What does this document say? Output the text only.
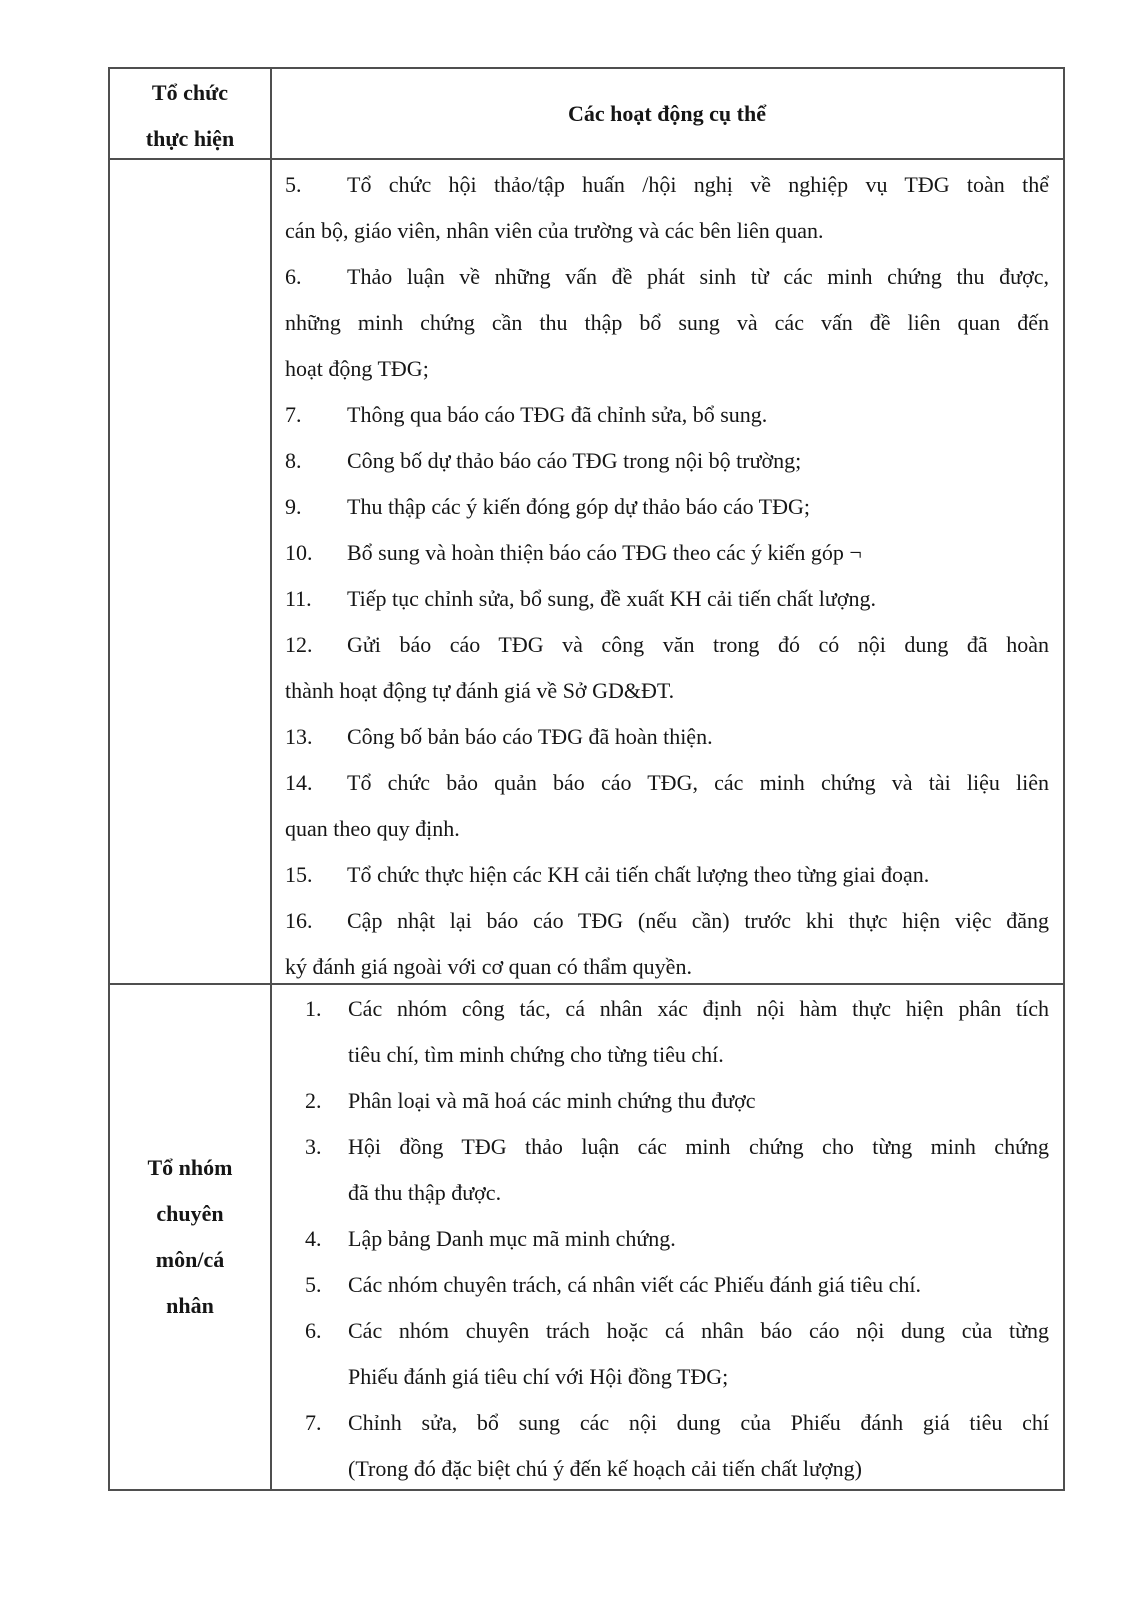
Tổ chức
thực hiện
Các hoạt động cụ thể
5. Tổ chức hội thảo/tập huấn /hội nghị về nghiệp vụ TĐG toàn thể
cán bộ, giáo viên, nhân viên của trường và các bên liên quan.
6. Thảo luận về những vấn đề phát sinh từ các minh chứng thu được,
những minh chứng cần thu thập bổ sung và các vấn đề liên quan đến
hoạt động TĐG;
7. Thông qua báo cáo TĐG đã chỉnh sửa, bổ sung.
8. Công bố dự thảo báo cáo TĐG trong nội bộ trường;
9. Thu thập các ý kiến đóng góp dự thảo báo cáo TĐG;
10. Bổ sung và hoàn thiện báo cáo TĐG theo các ý kiến góp ¬
11. Tiếp tục chỉnh sửa, bổ sung, đề xuất KH cải tiến chất lượng.
12. Gửi báo cáo TĐG và công văn trong đó có nội dung đã hoàn
thành hoạt động tự đánh giá về Sở GD&ĐT.
13. Công bố bản báo cáo TĐG đã hoàn thiện.
14. Tổ chức bảo quản báo cáo TĐG, các minh chứng và tài liệu liên
quan theo quy định.
15. Tổ chức thực hiện các KH cải tiến chất lượng theo từng giai đoạn.
16. Cập nhật lại báo cáo TĐG (nếu cần) trước khi thực hiện việc đăng
ký đánh giá ngoài với cơ quan có thẩm quyền.
Tổ nhóm
chuyên
môn/cá
nhân
1. Các nhóm công tác, cá nhân xác định nội hàm thực hiện phân tích
tiêu chí, tìm minh chứng cho từng tiêu chí.
2. Phân loại và mã hoá các minh chứng thu được
3. Hội đồng TĐG thảo luận các minh chứng cho từng minh chứng
đã thu thập được.
4. Lập bảng Danh mục mã minh chứng.
5. Các nhóm chuyên trách, cá nhân viết các Phiếu đánh giá tiêu chí.
6. Các nhóm chuyên trách hoặc cá nhân báo cáo nội dung của từng
Phiếu đánh giá tiêu chí với Hội đồng TĐG;
7. Chỉnh sửa, bổ sung các nội dung của Phiếu đánh giá tiêu chí
(Trong đó đặc biệt chú ý đến kế hoạch cải tiến chất lượng)
